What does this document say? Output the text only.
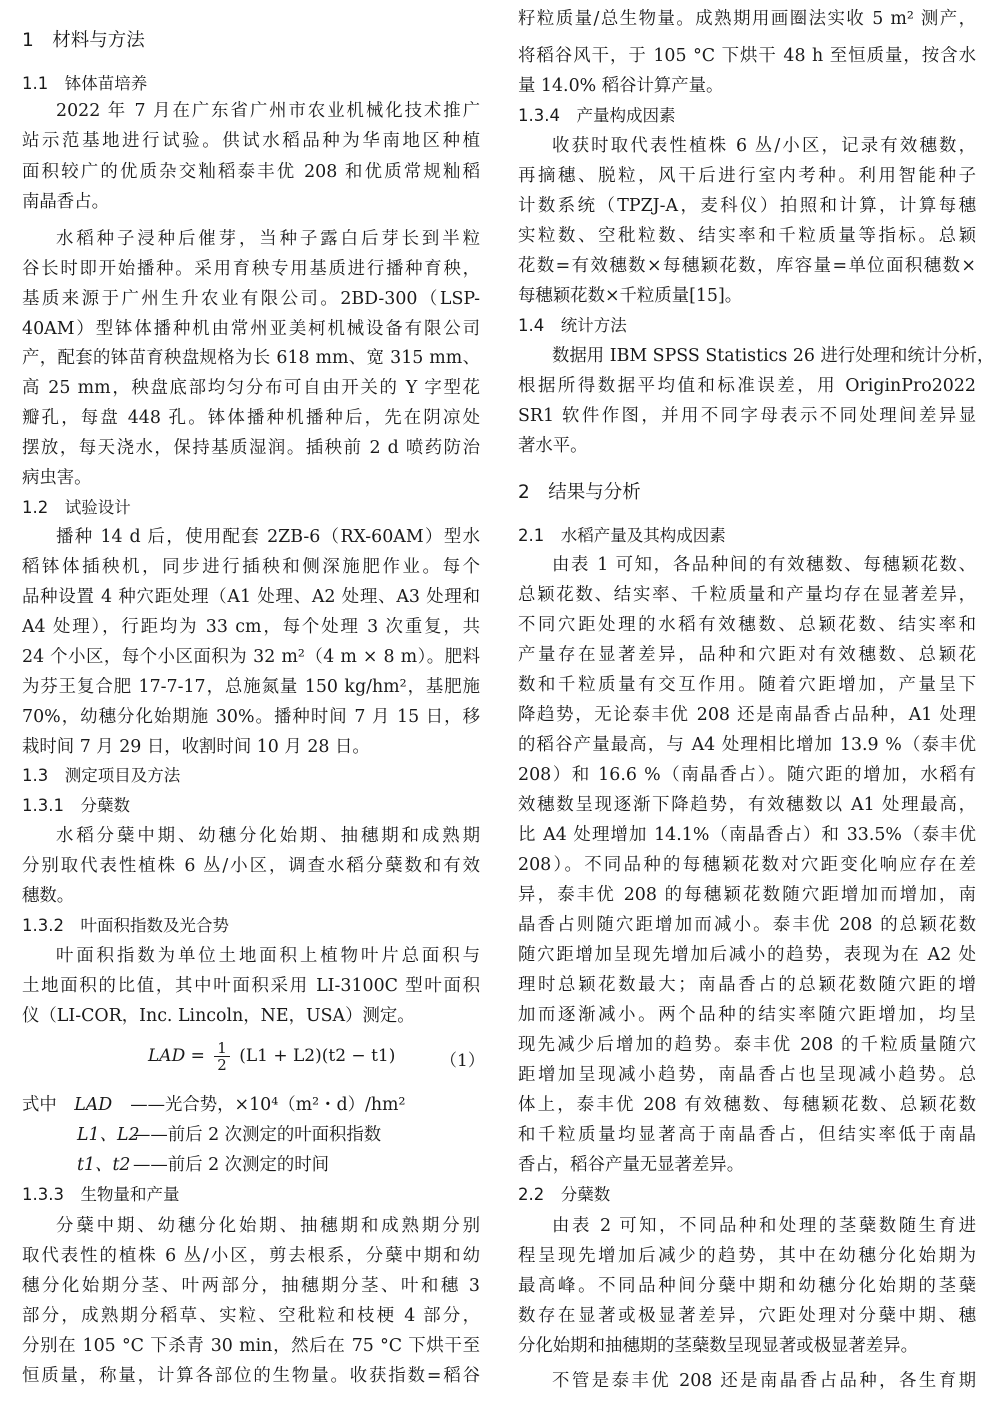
1　材料与方法
1.1　钵体苗培养
2022 年 7 月在广东省广州市农业机械化技术推广
站示范基地进行试验。供试水稻品种为华南地区种植
面积较广的优质杂交籼稻泰丰优 208 和优质常规籼稻
南晶香占。
水稻种子浸种后催芽，当种子露白后芽长到半粒
谷长时即开始播种。采用育秧专用基质进行播种育秧，
基质来源于广州生升农业有限公司。2BD-300（LSP-
40AM）型钵体播种机由常州亚美柯机械设备有限公司
产，配套的钵苗育秧盘规格为长 618 mm、宽 315 mm、
高 25 mm，秧盘底部均匀分布可自由开关的 Y 字型花
瓣孔，每盘 448 孔。钵体播种机播种后，先在阴凉处
摆放，每天浇水，保持基质湿润。插秧前 2 d 喷药防治
病虫害。
1.2　试验设计
播种 14 d 后，使用配套 2ZB-6（RX-60AM）型水
稻钵体插秧机，同步进行插秧和侧深施肥作业。每个
品种设置 4 种穴距处理（A1 处理、A2 处理、A3 处理和
A4 处理），行距均为 33 cm，每个处理 3 次重复，共
24 个小区，每个小区面积为 32 m²（4 m × 8 m）。肥料
为芬王复合肥 17-7-17，总施氮量 150 kg/hm²，基肥施
70%，幼穗分化始期施 30%。播种时间 7 月 15 日，移
栽时间 7 月 29 日，收割时间 10 月 28 日。
1.3　测定项目及方法
1.3.1　分蘖数
水稻分蘖中期、幼穗分化始期、抽穗期和成熟期
分别取代表性植株 6 丛/小区，调查水稻分蘖数和有效
穗数。
1.3.2　叶面积指数及光合势
叶面积指数为单位土地面积上植物叶片总面积与
土地面积的比值，其中叶面积采用 LI-3100C 型叶面积
仪（LI-COR，Inc. Lincoln，NE，USA）测定。
LAD = $\frac{1}{2} (L1 + L2)(t2 - t1)$	（1）
式中　 LAD ——光合势，×10⁴（m²・d）/hm²
L1、L2——前后 2 次测定的叶面积指数
t1、t2 ——前后 2 次测定的时间
1.3.3　生物量和产量
分蘖中期、幼穗分化始期、抽穗期和成熟期分别
取代表性的植株 6 丛/小区，剪去根系，分蘖中期和幼
穗分化始期分茎、叶两部分，抽穗期分茎、叶和穗 3
部分，成熟期分稻草、实粒、空秕粒和枝梗 4 部分，
分别在 105 °C 下杀青 30 min，然后在 75 °C 下烘干至
恒质量，称量，计算各部位的生物量。收获指数=稻谷
籽粒质量/总生物量。成熟期用画圈法实收 5 m² 测产，
将稻谷风干，于 105 °C 下烘干 48 h 至恒质量，按含水
量 14.0% 稻谷计算产量。
1.3.4　产量构成因素
收获时取代表性植株 6 丛/小区，记录有效穗数，
再摘穗、脱粒，风干后进行室内考种。利用智能种子
计数系统（TPZJ-A，麦科仪）拍照和计算，计算每穗
实粒数、空秕粒数、结实率和千粒质量等指标。总颖
花数=有效穗数×每穗颖花数，库容量=单位面积穗数×
每穗颖花数×千粒质量[15]。
1.4　统计方法
数据用 IBM SPSS Statistics 26 进行处理和统计分析，
根据所得数据平均值和标准误差，用 OriginPro2022
SR1 软件作图，并用不同字母表示不同处理间差异显
著水平。
2　结果与分析
2.1　水稻产量及其构成因素
由表 1 可知，各品种间的有效穗数、每穗颖花数、
总颖花数、结实率、千粒质量和产量均存在显著差异，
不同穴距处理的水稻有效穗数、总颖花数、结实率和
产量存在显著差异，品种和穴距对有效穗数、总颖花
数和千粒质量有交互作用。随着穴距增加，产量呈下
降趋势，无论泰丰优 208 还是南晶香占品种，A1 处理
的稻谷产量最高，与 A4 处理相比增加 13.9 %（泰丰优
208）和 16.6 %（南晶香占）。随穴距的增加，水稻有
效穗数呈现逐渐下降趋势，有效穗数以 A1 处理最高，
比 A4 处理增加 14.1%（南晶香占）和 33.5%（泰丰优
208）。不同品种的每穗颖花数对穴距变化响应存在差
异，泰丰优 208 的每穗颖花数随穴距增加而增加，南
晶香占则随穴距增加而减小。泰丰优 208 的总颖花数
随穴距增加呈现先增加后减小的趋势，表现为在 A2 处
理时总颖花数最大；南晶香占的总颖花数随穴距的增
加而逐渐减小。两个品种的结实率随穴距增加，均呈
现先减少后增加的趋势。泰丰优 208 的千粒质量随穴
距增加呈现减小趋势，南晶香占也呈现减小趋势。总
体上，泰丰优 208 有效穗数、每穗颖花数、总颖花数
和千粒质量均显著高于南晶香占，但结实率低于南晶
香占，稻谷产量无显著差异。
2.2　分蘖数
由表 2 可知，不同品种和处理的茎蘖数随生育进
程呈现先增加后减少的趋势，其中在幼穗分化始期为
最高峰。不同品种间分蘖中期和幼穗分化始期的茎蘖
数存在显著或极显著差异，穴距处理对分蘖中期、穗
分化始期和抽穗期的茎蘖数呈现显著或极显著差异。
不管是泰丰优 208 还是南晶香占品种，各生育期
